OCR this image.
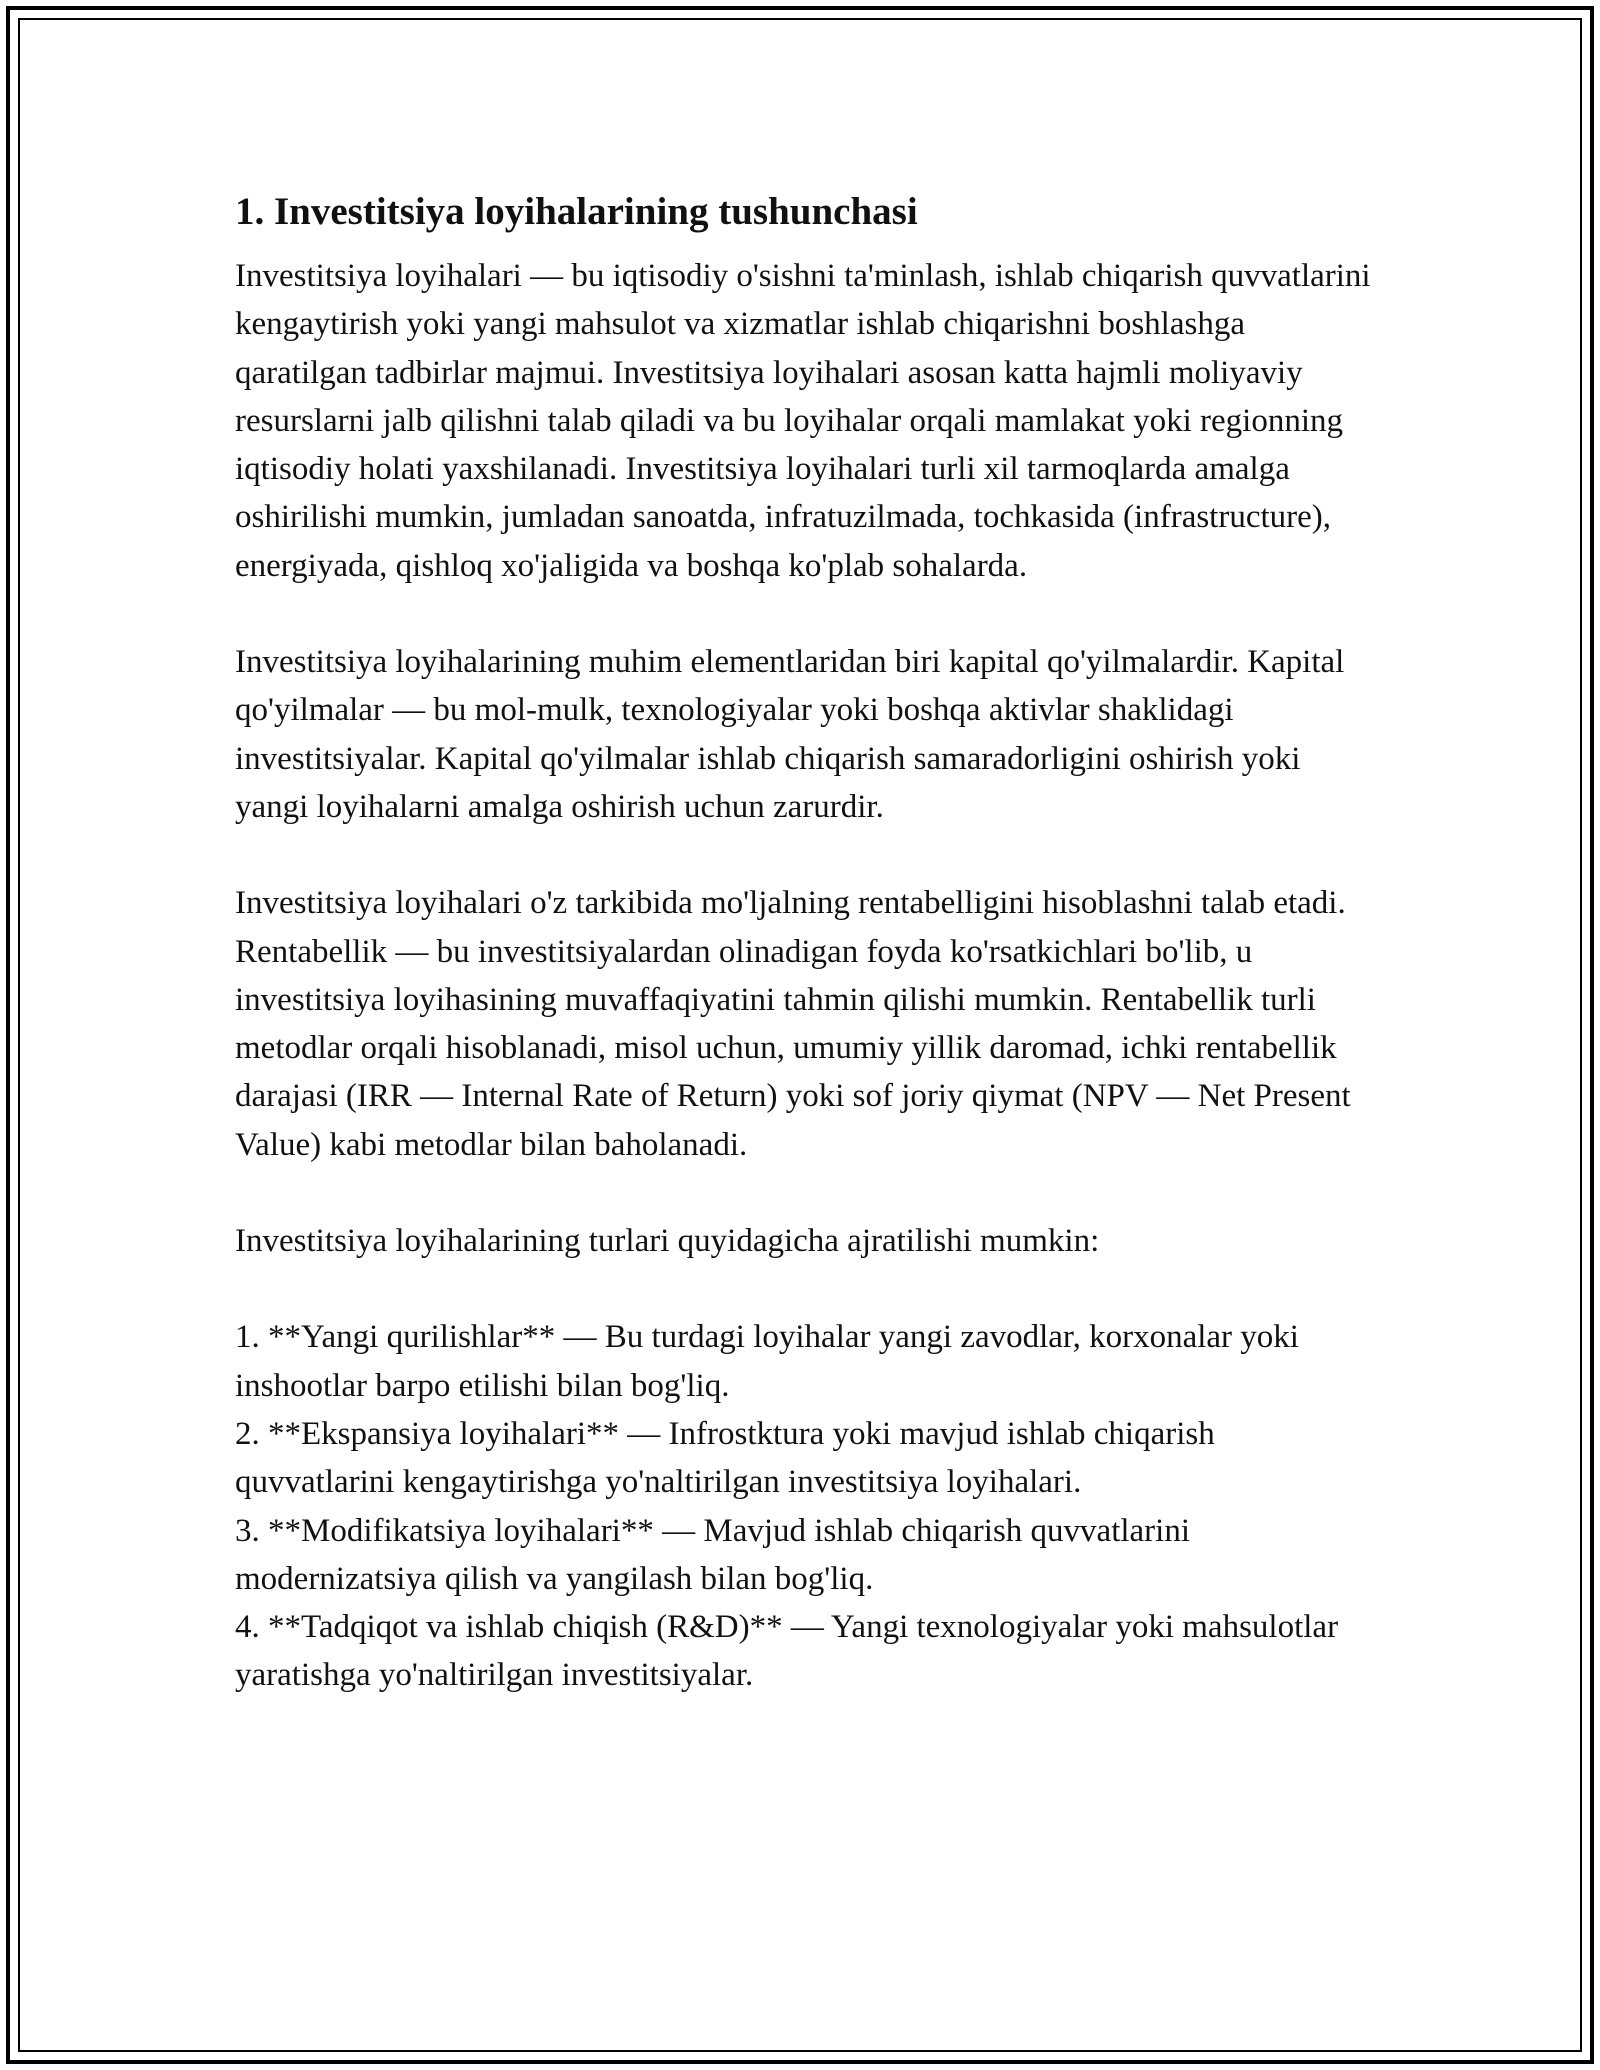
1. Investitsiya loyihalarining tushunchasi

Investitsiya loyihalari — bu iqtisodiy o'sishni ta'minlash, ishlab chiqarish quvvatlarini kengaytirish yoki yangi mahsulot va xizmatlar ishlab chiqarishni boshlashga qaratilgan tadbirlar majmui. Investitsiya loyihalari asosan katta hajmli moliyaviy resurslarni jalb qilishni talab qiladi va bu loyihalar orqali mamlakat yoki regionning iqtisodiy holati yaxshilanadi. Investitsiya loyihalari turli xil tarmoqlarda amalga oshirilishi mumkin, jumladan sanoatda, infratuzilmada, tochkasida (infrastructure), energiyada, qishloq xo'jaligida va boshqa ko'plab sohalarda.

Investitsiya loyihalarining muhim elementlaridan biri kapital qo'yilmalardir. Kapital qo'yilmalar — bu mol-mulk, texnologiyalar yoki boshqa aktivlar shaklidagi investitsiyalar. Kapital qo'yilmalar ishlab chiqarish samaradorligini oshirish yoki yangi loyihalarni amalga oshirish uchun zarurdir.

Investitsiya loyihalari o'z tarkibida mo'ljalning rentabelligini hisoblashni talab etadi. Rentabellik — bu investitsiyalardan olinadigan foyda ko'rsatkichlari bo'lib, u investitsiya loyihasining muvaffaqiyatini tahmin qilishi mumkin. Rentabellik turli metodlar orqali hisoblanadi, misol uchun, umumiy yillik daromad, ichki rentabellik darajasi (IRR — Internal Rate of Return) yoki sof joriy qiymat (NPV — Net Present Value) kabi metodlar bilan baholanadi.

Investitsiya loyihalarining turlari quyidagicha ajratilishi mumkin:

1. **Yangi qurilishlar** — Bu turdagi loyihalar yangi zavodlar, korxonalar yoki inshootlar barpo etilishi bilan bog'liq.

2. **Ekspansiya loyihalari** — Infrostktura yoki mavjud ishlab chiqarish quvvatlarini kengaytirishga yo'naltirilgan investitsiya loyihalari.

3. **Modifikatsiya loyihalari** — Mavjud ishlab chiqarish quvvatlarini modernizatsiya qilish va yangilash bilan bog'liq.

4. **Tadqiqot va ishlab chiqish (R&D)** — Yangi texnologiyalar yoki mahsulotlar yaratishga yo'naltirilgan investitsiyalar.
